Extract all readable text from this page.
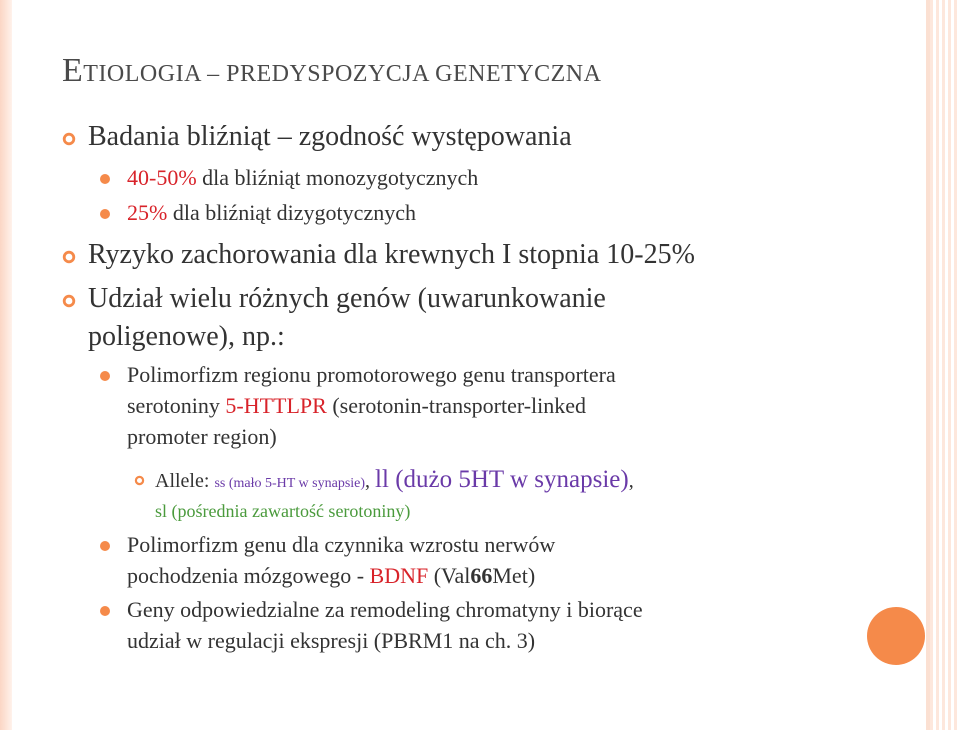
ETIOLOGIA – PREDYSPOZYCJA GENETYCZNA
Badania bliźniąt – zgodność występowania
40-50% dla bliźniąt monozygotycznych
25% dla bliźniąt dizygotycznych
Ryzyko zachorowania dla krewnych I stopnia 10-25%
Udział wielu różnych genów (uwarunkowanie
poligenowe), np.:
Polimorfizm regionu promotorowego genu transportera
serotoniny 5-HTTLPR (serotonin-transporter-linked
promoter region)
Allele: ss (mało 5-HT w synapsie), ll (dużo 5HT w synapsie),
sl (pośrednia zawartość serotoniny)
Polimorfizm genu dla czynnika wzrostu nerwów
pochodzenia mózgowego - BDNF (Val66Met)
Geny odpowiedzialne za remodeling chromatyny i biorące
udział w regulacji ekspresji (PBRM1 na ch. 3)
